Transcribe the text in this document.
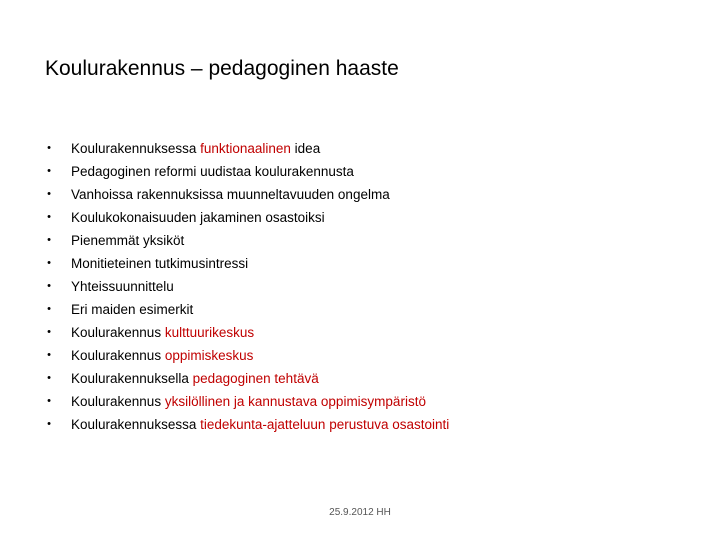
Koulurakennus – pedagoginen haaste
• Koulurakennuksessa funktionaalinen idea
• Pedagoginen reformi uudistaa koulurakennusta
• Vanhoissa rakennuksissa muunneltavuuden ongelma
• Koulukokonaisuuden jakaminen osastoiksi
• Pienemmät yksiköt
• Monitieteinen tutkimusintressi
• Yhteissuunnittelu
• Eri maiden esimerkit
• Koulurakennus kulttuurikeskus
• Koulurakennus oppimiskeskus
• Koulurakennuksella pedagoginen tehtävä
• Koulurakennus yksilöllinen ja kannustava oppimisympäristö
• Koulurakennuksessa tiedekunta-ajatteluun perustuva osastointi
25.9.2012 HH
